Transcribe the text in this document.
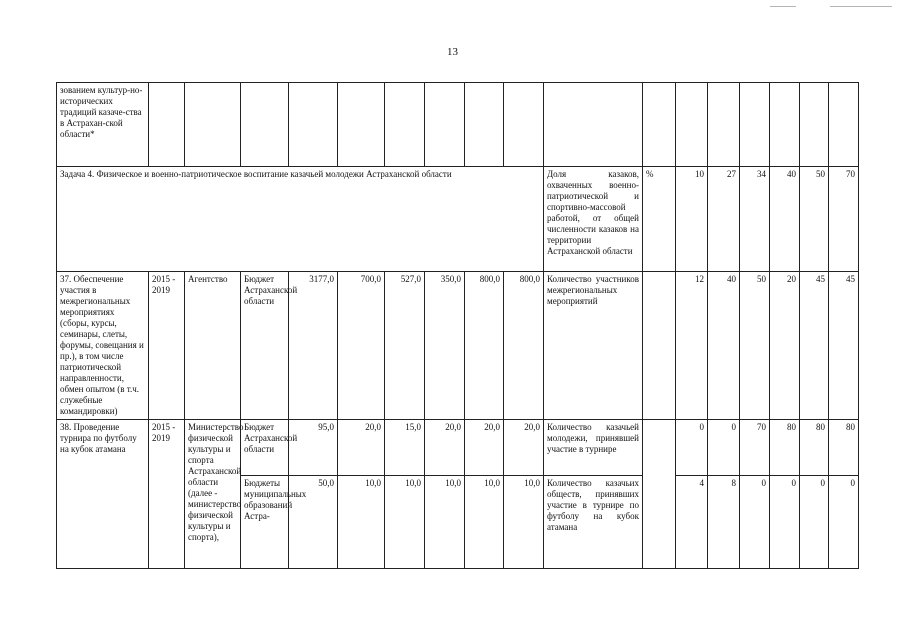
13
зованием культур-но-исторических традиций казаче-ства в Астрахан-ской области*																	
Задача 4. Физическое и военно-патриотическое воспитание казачьей молодежи Астраханской области										Доля казаков, охваченных военно-патриотической и спортивно-массовой работой, от общей численности казаков на территории Астраханской области	%	10	27	34	40	50	70
37. Обеспечение участия в межрегиональных мероприятиях (сборы, курсы, семинары, слеты, форумы, совещания и пр.), в том числе патриотической направленности, обмен опытом (в т.ч. служебные командировки)	2015 - 2019	Агентство	Бюджет Астраханской области	3177,0	700,0	527,0	350,0	800,0	800,0	Количество участников межрегиональных мероприятий		12	40	50	20	45	45
38. Проведение турнира по футболу на кубок атамана	2015 - 2019	Министерство физической культуры и спорта Астраханской области (далее - министерство физической культуры и спорта),	Бюджет Астраханской области	95,0	20,0	15,0	20,0	20,0	20,0	Количество казачьей молодежи, принявшей участие в турнире		0	0	70	80	80	80
			Бюджеты муниципальных образований Астра-	50,0	10,0	10,0	10,0	10,0	10,0	Количество казачьих обществ, принявших участие в турнире по футболу на кубок атамана		4	8	0	0	0	0
